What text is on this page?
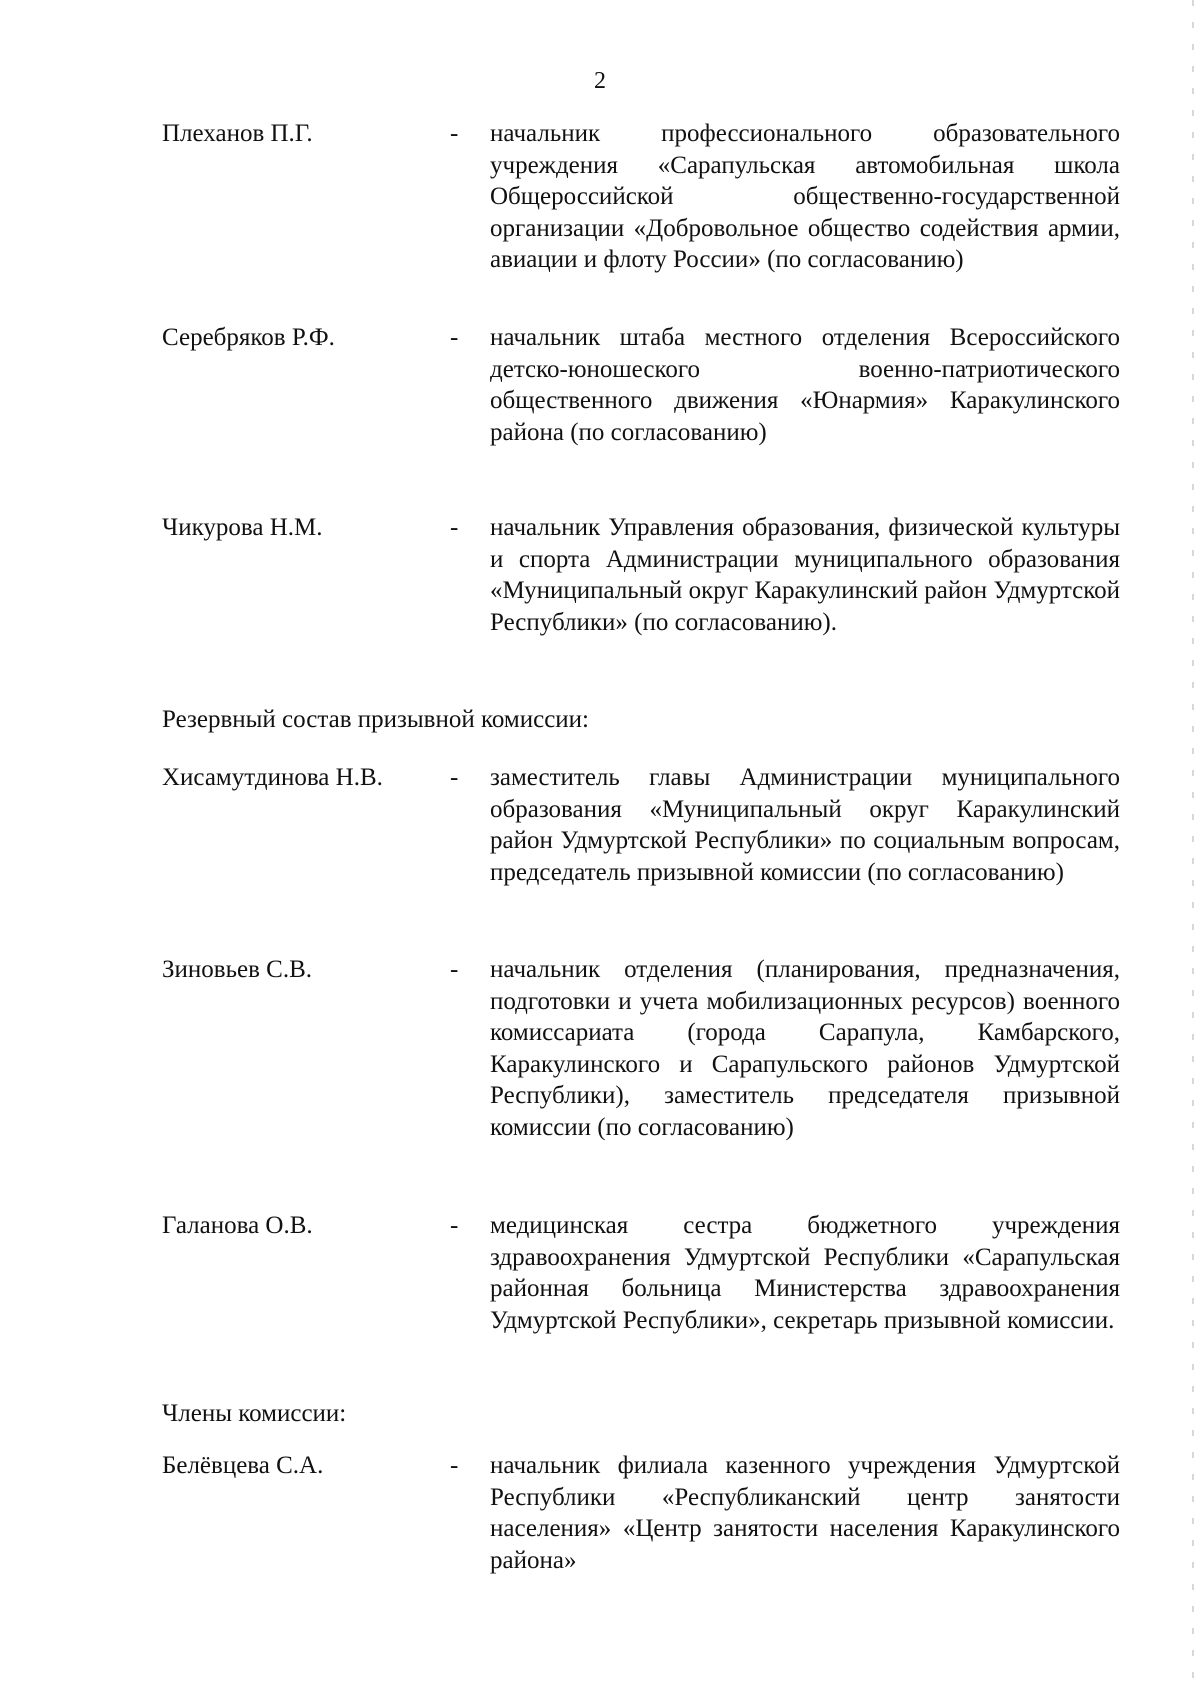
2
Плеханов П.Г.	- начальник профессионального образовательного учреждения «Сарапульская автомобильная школа Общероссийской общественно-государственной организации «Добровольное общество содействия армии, авиации и флоту России» (по согласованию)
Серебряков Р.Ф.	- начальник штаба местного отделения Всероссийского детско-юношеского военно-патриотического общественного движения «Юнармия» Каракулинского района (по согласованию)
Чикурова Н.М.	- начальник Управления образования, физической культуры и спорта Администрации муниципального образования «Муниципальный округ Каракулинский район Удмуртской Республики» (по согласованию).
Резервный состав призывной комиссии:
Хисамутдинова Н.В.	- заместитель главы Администрации муниципального образования «Муниципальный округ Каракулинский район Удмуртской Республики» по социальным вопросам, председатель призывной комиссии (по согласованию)
Зиновьев С.В.	- начальник отделения (планирования, предназначения, подготовки и учета мобилизационных ресурсов) военного комиссариата (города Сарапула, Камбарского, Каракулинского и Сарапульского районов Удмуртской Республики), заместитель председателя призывной комиссии (по согласованию)
Галанова О.В.	- медицинская сестра бюджетного учреждения здравоохранения Удмуртской Республики «Сарапульская районная больница Министерства здравоохранения Удмуртской Республики», секретарь призывной комиссии.
Члены комиссии:
Белёвцева С.А.	- начальник филиала казенного учреждения Удмуртской Республики «Республиканский центр занятости населения» «Центр занятости населения Каракулинского района»
